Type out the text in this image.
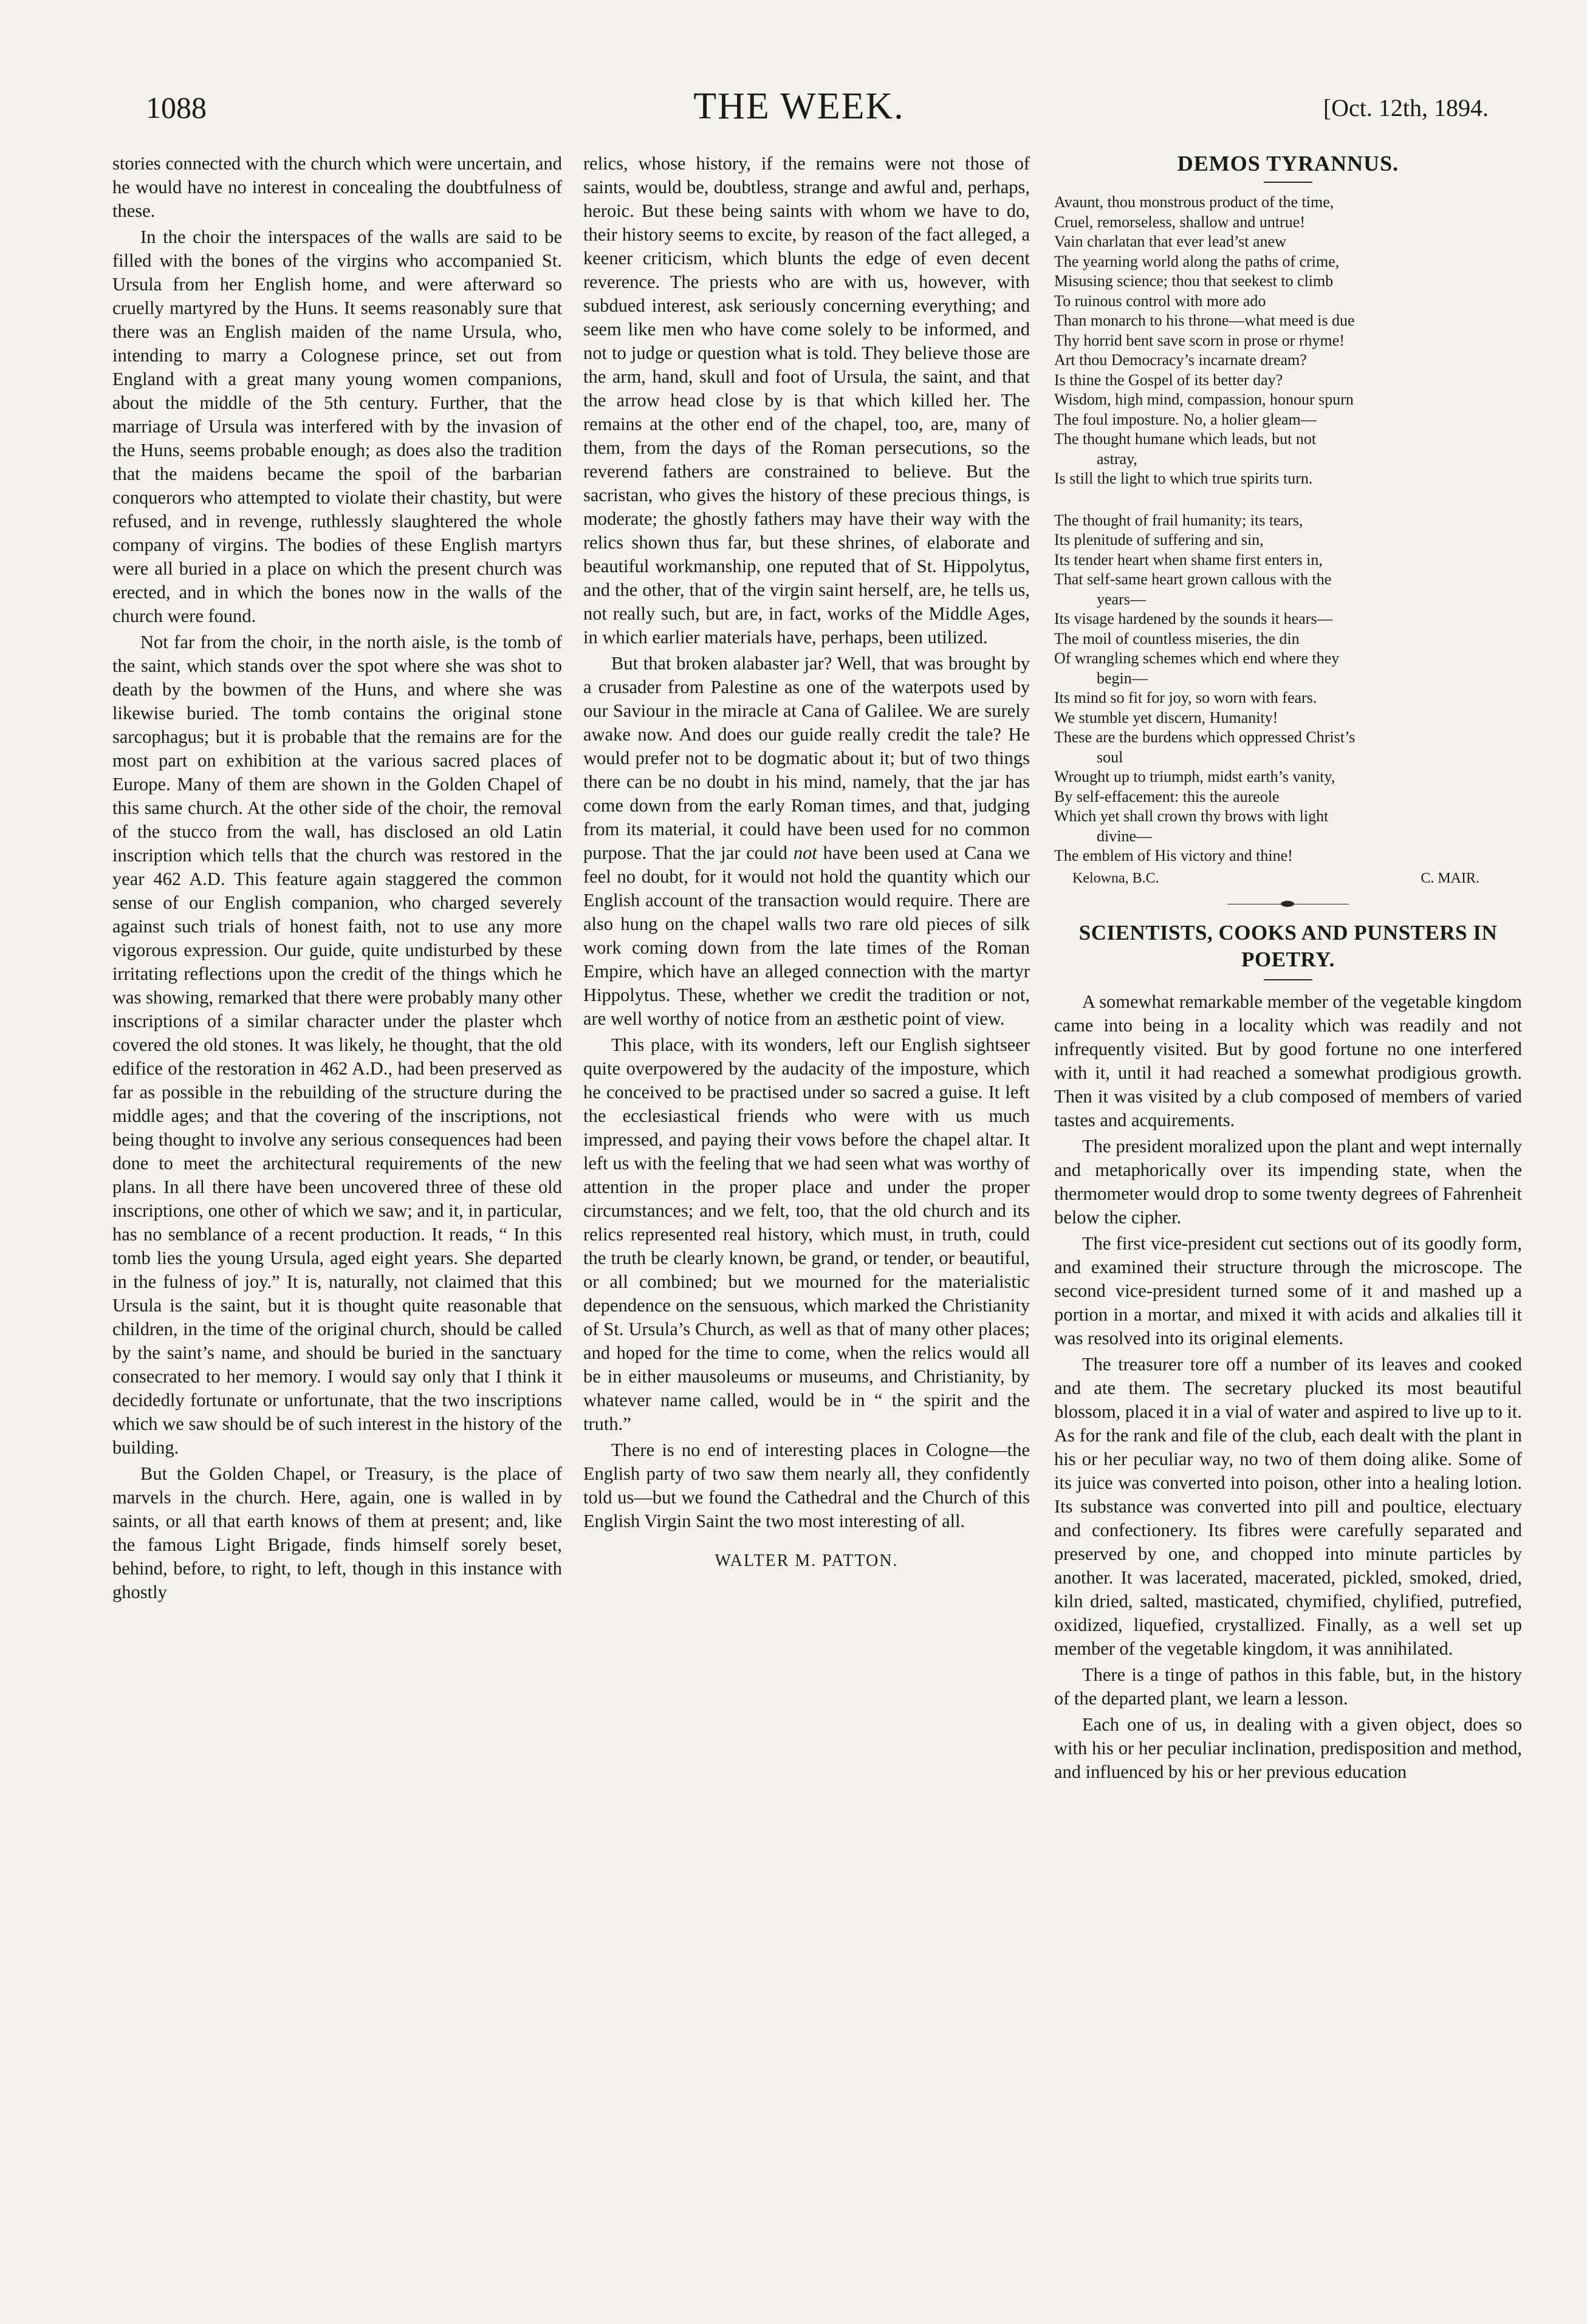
1088	THE WEEK.	[Oct. 12th, 1894.

stories connected with the church which were uncertain, and he would have no interest in concealing the doubtfulness of these.

In the choir the interspaces of the walls are said to be filled with the bones of the virgins who accompanied St. Ursula from her English home, and were afterward so cruelly martyred by the Huns. It seems reasonably sure that there was an English maiden of the name Ursula, who, intending to marry a Colognese prince, set out from England with a great many young women companions, about the middle of the 5th century. Further, that the marriage of Ursula was interfered with by the invasion of the Huns, seems probable enough; as does also the tradition that the maidens became the spoil of the barbarian conquerors who attempted to violate their chastity, but were refused, and in revenge, ruthlessly slaughtered the whole company of virgins. The bodies of these English martyrs were all buried in a place on which the present church was erected, and in which the bones now in the walls of the church were found.

Not far from the choir, in the north aisle, is the tomb of the saint, which stands over the spot where she was shot to death by the bowmen of the Huns, and where she was likewise buried. The tomb contains the original stone sarcophagus; but it is probable that the remains are for the most part on exhibition at the various sacred places of Europe. Many of them are shown in the Golden Chapel of this same church. At the other side of the choir, the removal of the stucco from the wall, has disclosed an old Latin inscription which tells that the church was restored in the year 462 A.D. This feature again staggered the common sense of our English companion, who charged severely against such trials of honest faith, not to use any more vigorous expression. Our guide, quite undisturbed by these irritating reflections upon the credit of the things which he was showing, remarked that there were probably many other inscriptions of a similar character under the plaster whch covered the old stones. It was likely, he thought, that the old edifice of the restoration in 462 A.D., had been preserved as far as possible in the rebuilding of the structure during the middle ages; and that the covering of the inscriptions, not being thought to involve any serious consequences had been done to meet the architectural requirements of the new plans. In all there have been uncovered three of these old inscriptions, one other of which we saw; and it, in particular, has no semblance of a recent production. It reads, “ In this tomb lies the young Ursula, aged eight years. She departed in the fulness of joy.” It is, naturally, not claimed that this Ursula is the saint, but it is thought quite reasonable that children, in the time of the original church, should be called by the saint’s name, and should be buried in the sanctuary consecrated to her memory. I would say only that I think it decidedly fortunate or unfortunate, that the two inscriptions which we saw should be of such interest in the history of the building.

But the Golden Chapel, or Treasury, is the place of marvels in the church. Here, again, one is walled in by saints, or all that earth knows of them at present; and, like the famous Light Brigade, finds himself sorely beset, behind, before, to right, to left, though in this instance with ghostly

relics, whose history, if the remains were not those of saints, would be, doubtless, strange and awful and, perhaps, heroic. But these being saints with whom we have to do, their history seems to excite, by reason of the fact alleged, a keener criticism, which blunts the edge of even decent reverence. The priests who are with us, however, with subdued interest, ask seriously concerning everything; and seem like men who have come solely to be informed, and not to judge or question what is told. They believe those are the arm, hand, skull and foot of Ursula, the saint, and that the arrow head close by is that which killed her. The remains at the other end of the chapel, too, are, many of them, from the days of the Roman persecutions, so the reverend fathers are constrained to believe. But the sacristan, who gives the history of these precious things, is moderate; the ghostly fathers may have their way with the relics shown thus far, but these shrines, of elaborate and beautiful workmanship, one reputed that of St. Hippolytus, and the other, that of the virgin saint herself, are, he tells us, not really such, but are, in fact, works of the Middle Ages, in which earlier materials have, perhaps, been utilized.

But that broken alabaster jar? Well, that was brought by a crusader from Palestine as one of the waterpots used by our Saviour in the miracle at Cana of Galilee. We are surely awake now. And does our guide really credit the tale? He would prefer not to be dogmatic about it; but of two things there can be no doubt in his mind, namely, that the jar has come down from the early Roman times, and that, judging from its material, it could have been used for no common purpose. That the jar could not have been used at Cana we feel no doubt, for it would not hold the quantity which our English account of the transaction would require. There are also hung on the chapel walls two rare old pieces of silk work coming down from the late times of the Roman Empire, which have an alleged connection with the martyr Hippolytus. These, whether we credit the tradition or not, are well worthy of notice from an æsthetic point of view.

This place, with its wonders, left our English sightseer quite overpowered by the audacity of the imposture, which he conceived to be practised under so sacred a guise. It left the ecclesiastical friends who were with us much impressed, and paying their vows before the chapel altar. It left us with the feeling that we had seen what was worthy of attention in the proper place and under the proper circumstances; and we felt, too, that the old church and its relics represented real history, which must, in truth, could the truth be clearly known, be grand, or tender, or beautiful, or all combined; but we mourned for the materialistic dependence on the sensuous, which marked the Christianity of St. Ursula’s Church, as well as that of many other places; and hoped for the time to come, when the relics would all be in either mausoleums or museums, and Christianity, by whatever name called, would be in “ the spirit and the truth.”

There is no end of interesting places in Cologne—the English party of two saw them nearly all, they confidently told us—but we found the Cathedral and the Church of this English Virgin Saint the two most interesting of all.

WALTER M. PATTON.
DEMOS TYRANNUS.
Avaunt, thou monstrous product of the time,
Cruel, remorseless, shallow and untrue!
Vain charlatan that ever lead’st anew
The yearning world along the paths of crime,
Misusing science; thou that seekest to climb
To ruinous control with more ado
Than monarch to his throne—what meed is due
Thy horrid bent save scorn in prose or rhyme!
Art thou Democracy’s incarnate dream?
Is thine the Gospel of its better day?
Wisdom, high mind, compassion, honour spurn
The foul imposture. No, a holier gleam—
The thought humane which leads, but not
astray,
Is still the light to which true spirits turn.
The thought of frail humanity; its tears,
Its plenitude of suffering and sin,
Its tender heart when shame first enters in,
That self-same heart grown callous with the
years—
Its visage hardened by the sounds it hears—
The moil of countless miseries, the din
Of wrangling schemes which end where they
begin—
Its mind so fit for joy, so worn with fears.
We stumble yet discern, Humanity!
These are the burdens which oppressed Christ’s
soul
Wrought up to triumph, midst earth’s vanity,
By self-effacement: this the aureole
Which yet shall crown thy brows with light
divine—
The emblem of His victory and thine!
Kelowna, B.C.	C. MAIR.
SCIENTISTS, COOKS AND PUNSTERS IN POETRY.

A somewhat remarkable member of the vegetable kingdom came into being in a locality which was readily and not infrequently visited. But by good fortune no one interfered with it, until it had reached a somewhat prodigious growth. Then it was visited by a club composed of members of varied tastes and acquirements.

The president moralized upon the plant and wept internally and metaphorically over its impending state, when the thermometer would drop to some twenty degrees of Fahrenheit below the cipher.

The first vice-president cut sections out of its goodly form, and examined their structure through the microscope. The second vice-president turned some of it and mashed up a portion in a mortar, and mixed it with acids and alkalies till it was resolved into its original elements.

The treasurer tore off a number of its leaves and cooked and ate them. The secretary plucked its most beautiful blossom, placed it in a vial of water and aspired to live up to it. As for the rank and file of the club, each dealt with the plant in his or her peculiar way, no two of them doing alike. Some of its juice was converted into poison, other into a healing lotion. Its substance was converted into pill and poultice, electuary and confectionery. Its fibres were carefully separated and preserved by one, and chopped into minute particles by another. It was lacerated, macerated, pickled, smoked, dried, kiln dried, salted, masticated, chymified, chylified, putrefied, oxidized, liquefied, crystallized. Finally, as a well set up member of the vegetable kingdom, it was annihilated.

There is a tinge of pathos in this fable, but, in the history of the departed plant, we learn a lesson.

Each one of us, in dealing with a given object, does so with his or her peculiar inclination, predisposition and method, and influenced by his or her previous education
